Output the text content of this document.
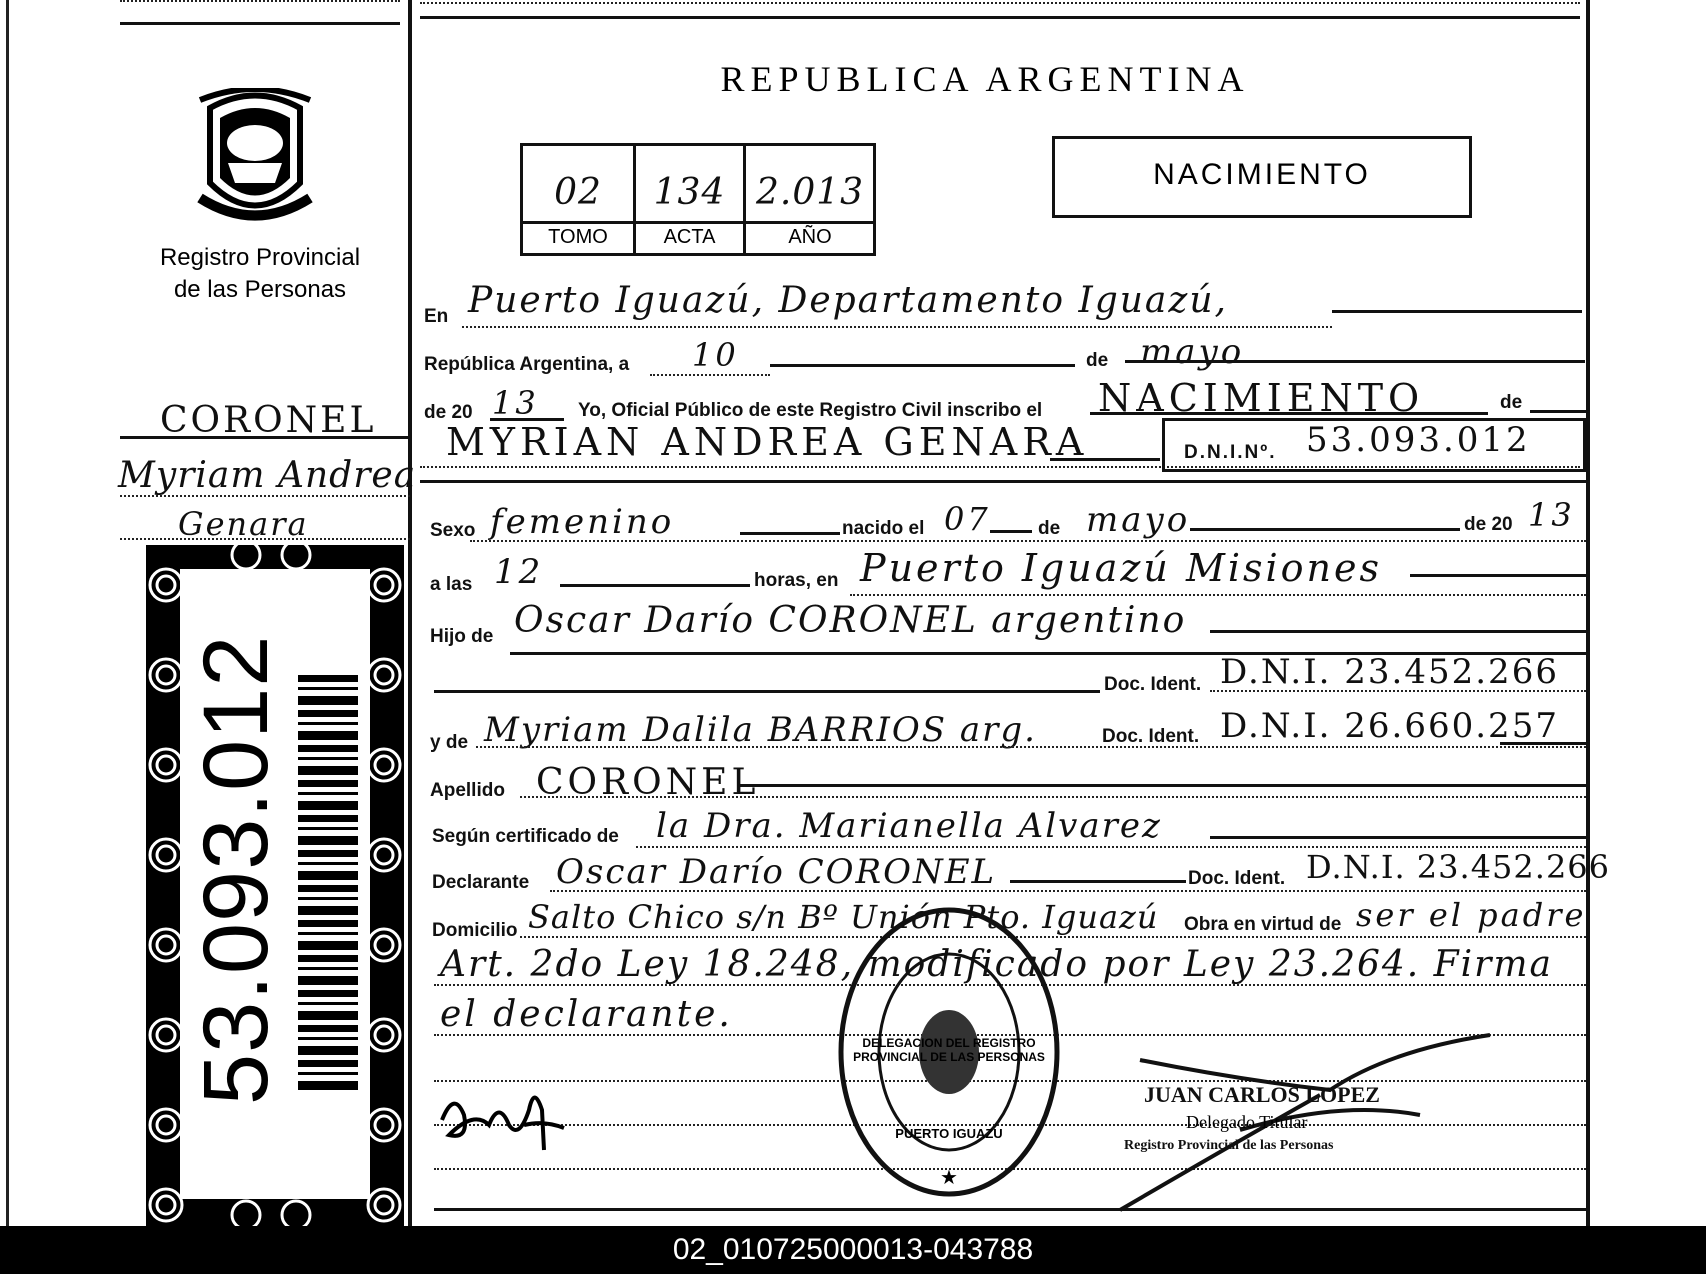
Registro Provincial
de las Personas
CORONEL
Myriam Andrea
Genara
53.093.012
REPUBLICA ARGENTINA
02	134 2.013
TOMO	ACTA	AÑO
NACIMIENTO
En Puerto Iguazú, Departamento Iguazú,
República Argentina, a 10	de mayo
de 20 13 Yo, Oficial Público de este Registro Civil inscribo el NACIMIENTO	de
MYRIAN ANDREA GENARA	D.N.I.Nº. 53.093.012
Sexo femenino	nacido el 07 de mayo	de 20 13
a las 12	horas, en Puerto Iguazú Misiones
Hijo de Oscar Darío CORONEL argentino
Doc. Ident. D.N.I. 23.452.266
y de Myriam Dalila BARRIOS arg.	Doc. Ident. D.N.I. 26.660.257
Apellido CORONEL
Según certificado de la Dra. Marianella Alvarez
Declarante Oscar Darío CORONEL	Doc. Ident. D.N.I. 23.452.266
Domicilio Salto Chico s/n Bº Unión Pto. Iguazú Obra en virtud de ser el padre
Art. 2do Ley 18.248, modificado por Ley 23.264. Firma
el declarante.
★
DELEGACION DEL REGISTRO PROVINCIAL DE LAS PERSONAS
PUERTO IGUAZU
JUAN CARLOS LOPEZ
Delegado Titular
Registro Provincial de las Personas
02_010725000013-043788
